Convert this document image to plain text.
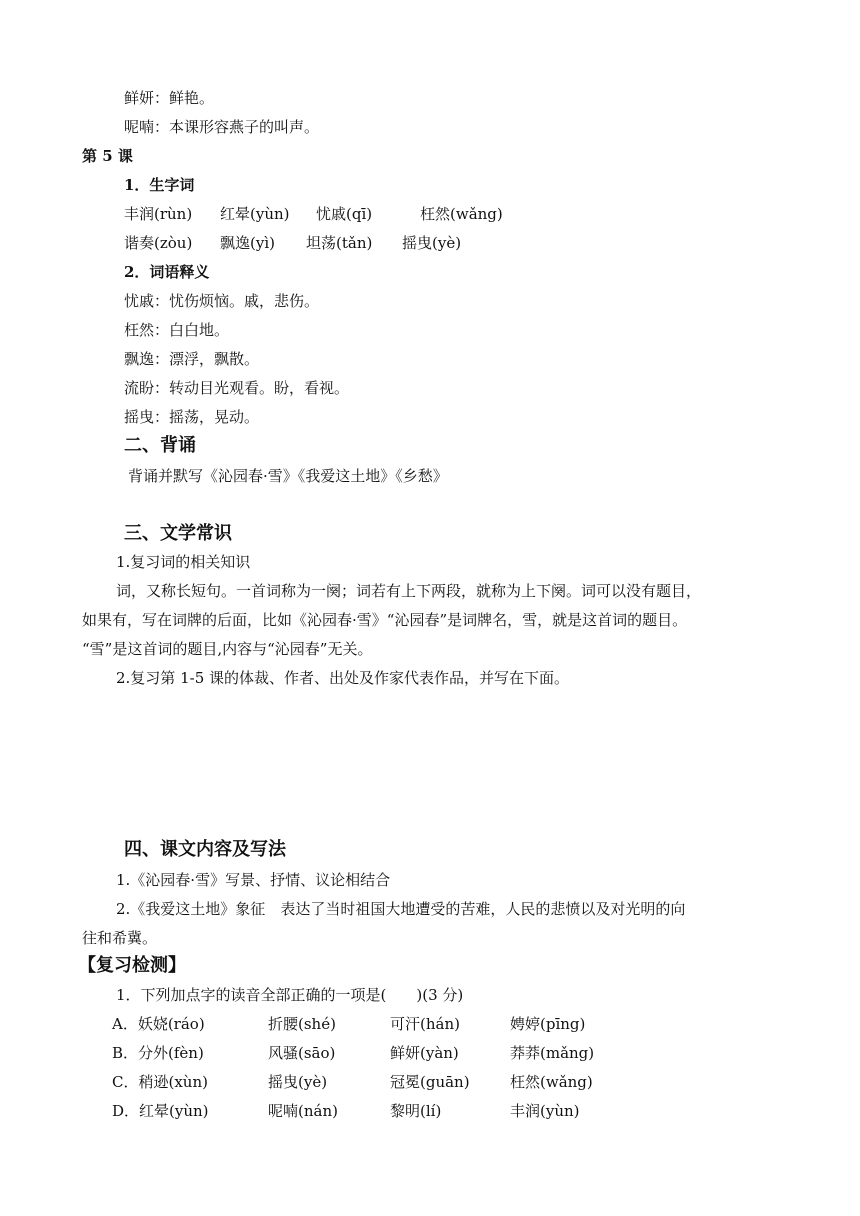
鲜妍：鲜艳。
呢喃：本课形容燕子的叫声。
第 5 课
1．生字词
丰润(rùn) 红晕(yùn) 忧戚(qī)	枉然(wǎng)
谐奏(zòu) 飘逸(yì) 坦荡(tǎn) 摇曳(yè)
2．词语释义
忧戚：忧伤烦恼。戚，悲伤。
枉然：白白地。
飘逸：漂浮，飘散。
流盼：转动目光观看。盼，看视。
摇曳：摇荡，晃动。
二、背诵
背诵并默写《沁园春·雪》《我爱这土地》《乡愁》
三、文学常识
1.复习词的相关知识
词，又称长短句。一首词称为一阕；词若有上下两段，就称为上下阕。词可以没有题目，
如果有，写在词牌的后面，比如《沁园春·雪》“沁园春”是词牌名，雪，就是这首词的题目。
“雪”是这首词的题目,内容与“沁园春”无关。
2.复习第 1-5 课的体裁、作者、出处及作家代表作品，并写在下面。
四、课文内容及写法
1.《沁园春·雪》写景、抒情、议论相结合
2.《我爱这土地》象征　表达了当时祖国大地遭受的苦难，人民的悲愤以及对光明的向
往和希冀。
【复习检测】
1．下列加点字的读音全部正确的一项是(　　)(3 分)
A．妖娆(ráo)	折腰(shé)	可汗(hán)	娉婷(pīng)
B．分外(fèn)	风骚(sāo)	鲜妍(yàn)	莽莽(mǎng)
C．稍逊(xùn)	摇曳(yè)	冠冕(guān)	枉然(wǎng)
D．红晕(yùn)	呢喃(nán)	黎明(lí)	丰润(yùn)
